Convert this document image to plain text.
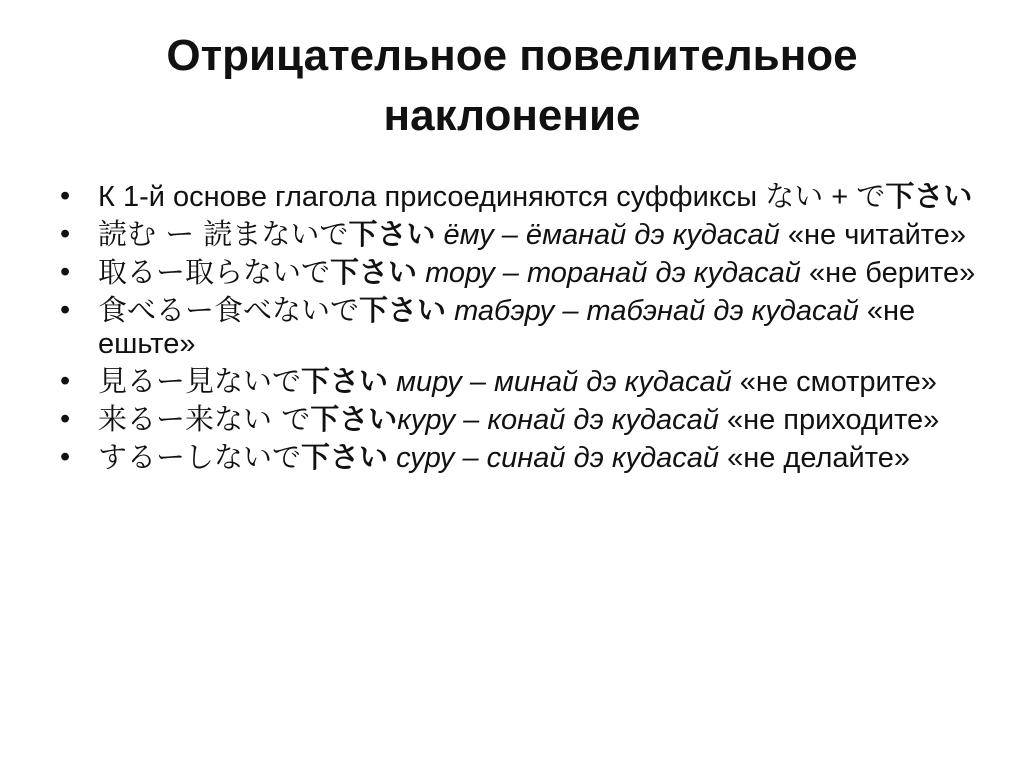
Отрицательное повелительное
наклонение
• К 1-й основе глагола присоединяются суффиксы ない + で下さい
• 読む ー 読まないで下さい ёму – ёманай дэ кудасай «не читайте»
• 取るー取らないで下さい тору – торанай дэ кудасай «не берите»
• 食べるー食べないで下さい табэру – табэнай дэ кудасай «не ешьте»
• 見るー見ないで下さい миру – минай дэ кудасай «не смотрите»
• 来るー来ない で下さいкуру – конай дэ кудасай «не приходите»
• するーしないで下さい суру – синай дэ кудасай «не делайте»
